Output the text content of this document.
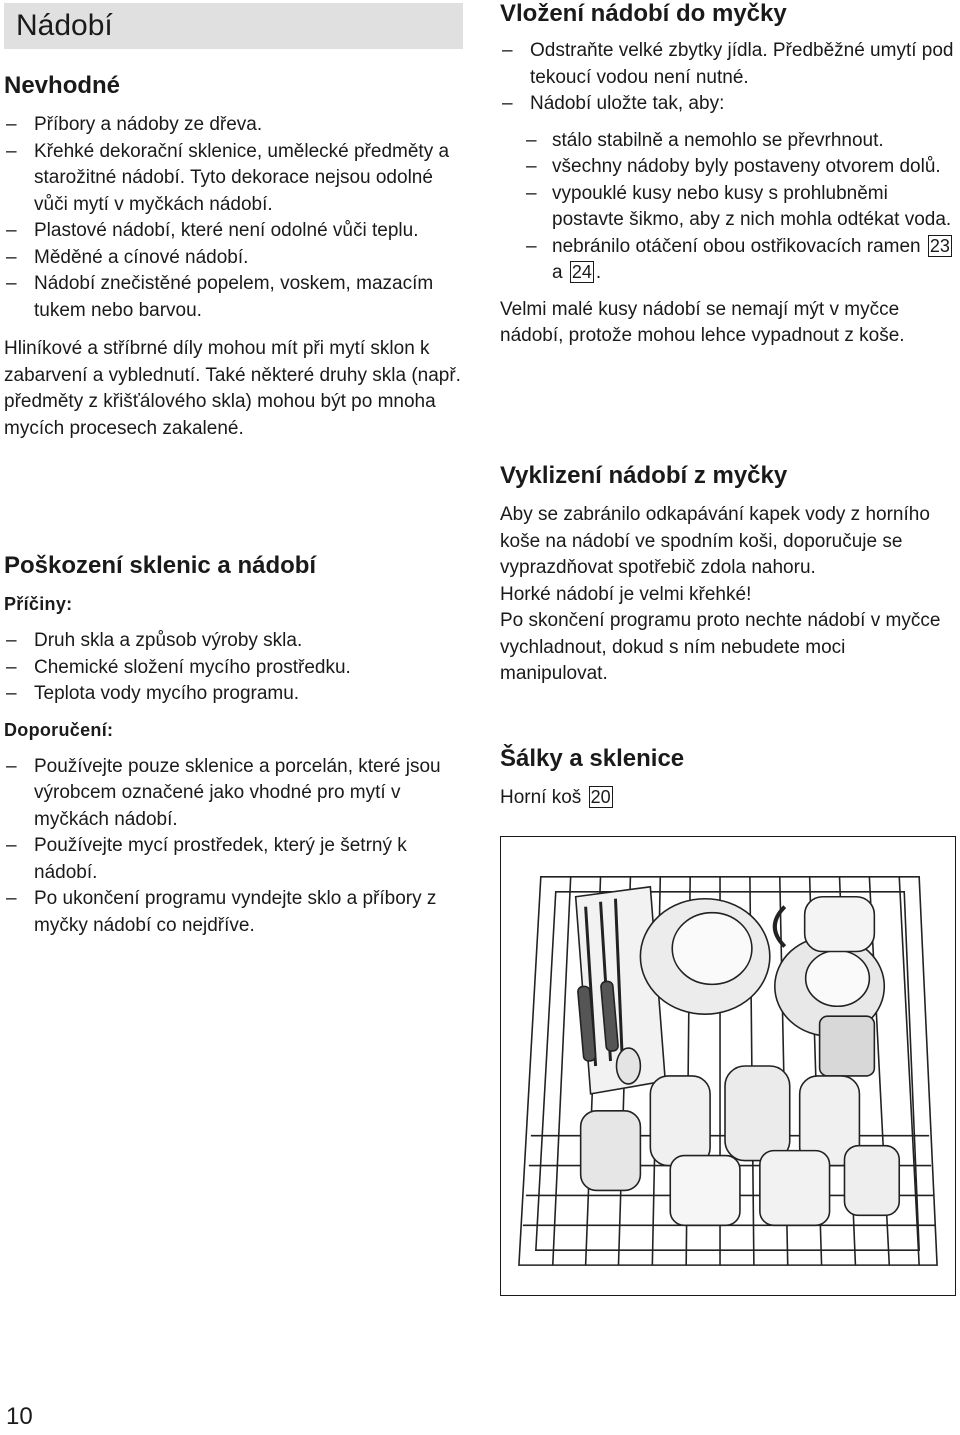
Nádobí
Nevhodné
– Příbory a nádoby ze dřeva.
– Křehké dekorační sklenice, umělecké předměty a starožitné nádobí. Tyto dekorace nejsou odolné vůči mytí v myčkách nádobí.
– Plastové nádobí, které není odolné vůči teplu.
– Měděné a cínové nádobí.
– Nádobí znečistěné popelem, voskem, mazacím tukem nebo barvou.

Hliníkové a stříbrné díly mohou mít při mytí sklon k zabarvení a vyblednutí. Také některé druhy skla (např. předměty z křišťálového skla) mohou být po mnoha mycích procesech zakalené.

Poškození sklenic a nádobí
Příčiny:
– Druh skla a způsob výroby skla.
– Chemické složení mycího prostředku.
– Teplota vody mycího programu.
Doporučení:
– Používejte pouze sklenice a porcelán, které jsou výrobcem označené jako vhodné pro mytí v myčkách nádobí.
– Používejte mycí prostředek, který je šetrný k nádobí.
– Po ukončení programu vyndejte sklo a příbory z myčky nádobí co nejdříve.
Vložení nádobí do myčky
– Odstraňte velké zbytky jídla. Předběžné umytí pod tekoucí vodou není nutné.
– Nádobí uložte tak, aby:
– stálo stabilně a nemohlo se převrhnout.
– všechny nádoby byly postaveny otvorem dolů.
– vypouklé kusy nebo kusy s prohlubněmi postavte šikmo, aby z nich mohla odtékat voda.
– nebránilo otáčení obou ostřikovacích ramen 23a 24 .

Velmi malé kusy nádobí se nemají mýt v myčce nádobí, protože mohou lehce vypadnout z koše.

Vyklizení nádobí z myčky

Aby se zabránilo odkapávání kapek vody z horního koše na nádobí ve spodním koši, doporučuje se vyprazdňovat spotřebič zdola nahoru.

Horké nádobí je velmi křehké!

Po skončení programu proto nechte nádobí v myčce vychladnout, dokud s ním nebudete moci manipulovat.

Šálky a sklenice

Horní koš 20

10
